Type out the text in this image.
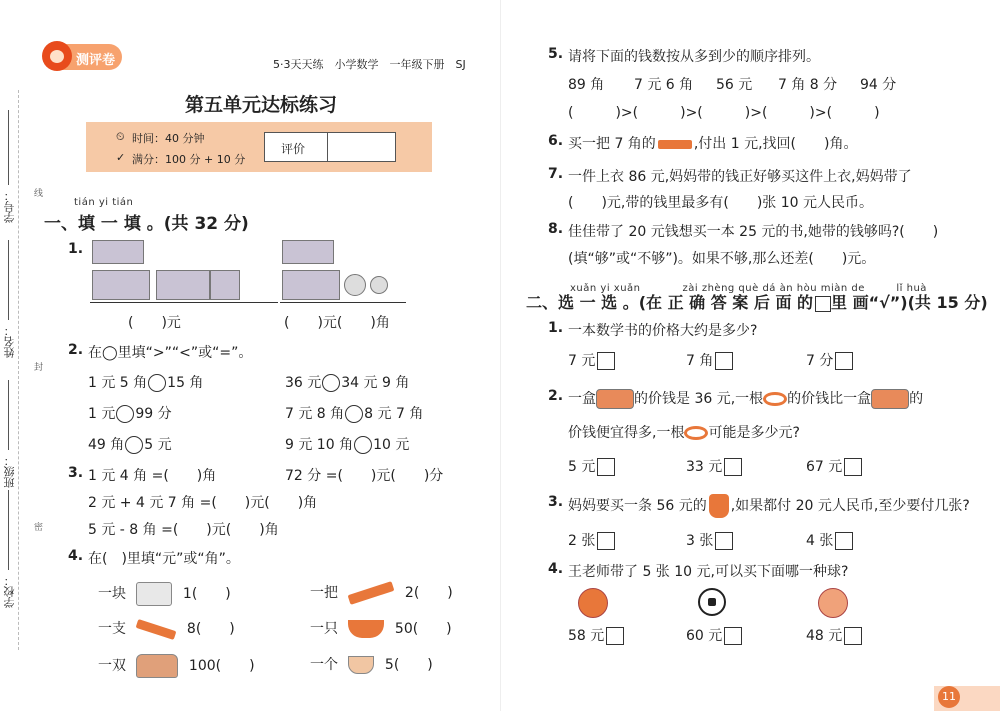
学校：
班级：
姓名：
学号： 线
封
密
测评卷	5·3天天练　小学数学　一年级下册　SJ
第五单元达标练习
⏲ 时间：40 分钟
✓ 满分：100 分 + 10 分
评价
tián yi tián
一、填 一 填 。(共 32 分)
1.
(　　)元	(　　)元(　　)角
2. 在◯里填“>”“<”或“=”。
1 元 5 角 15 角	36 元 34 元 9 角
1 元 99 分	7 元 8 角 8 元 7 角
49 角 5 元	9 元 10 角 10 元
3. 1 元 4 角 =(　　)角	72 分 =(　　)元(　　)分
2 元 + 4 元 7 角 =(　　)元(　　)角
5 元 - 8 角 =(　　)元(　　)角
4. 在(　)里填“元”或“角”。
一块	1(　　)	一把	2(　　)
一支	8(　　)	一只	50(　　)
一双	100(　　)	一个	5(　　)
5. 请将下面的钱数按从多到少的顺序排列。
89 角 7 元 6 角 56 元 7 角 8 分 94 分
(　　　)>(　　　)>(　　　)>(　　　)>(　　　)
6. 买一把 7 角的	,付出 1 元,找回(　　)角。
7. 一件上衣 86 元,妈妈带的钱正好够买这件上衣,妈妈带了
(　　)元,带的钱里最多有(　　)张 10 元人民币。
8. 佳佳带了 20 元钱想买一本 25 元的书,她带的钱够吗?(　　)
(填“够”或“不够”)。如果不够,那么还差(　　)元。
xuǎn yi xuǎn　　　　zài zhèng què dá àn hòu miàn de　　　lǐ huà
二、选 一 选 。(在 正 确 答 案 后 面 的 里 画“√”)(共 15 分)
1. 一本数学书的价格大约是多少?
7 元	7 角	7 分
2. 一盒	的价钱是 36 元,一根 的价钱比一盒	的
价钱便宜得多,一根 可能是多少元?
5 元	33 元	67 元
3. 妈妈要买一条 56 元的 ,如果都付 20 元人民币,至少要付几张?
2 张	3 张	4 张
4. 王老师带了 5 张 10 元,可以买下面哪一种球?
58 元	60 元	48 元
11
